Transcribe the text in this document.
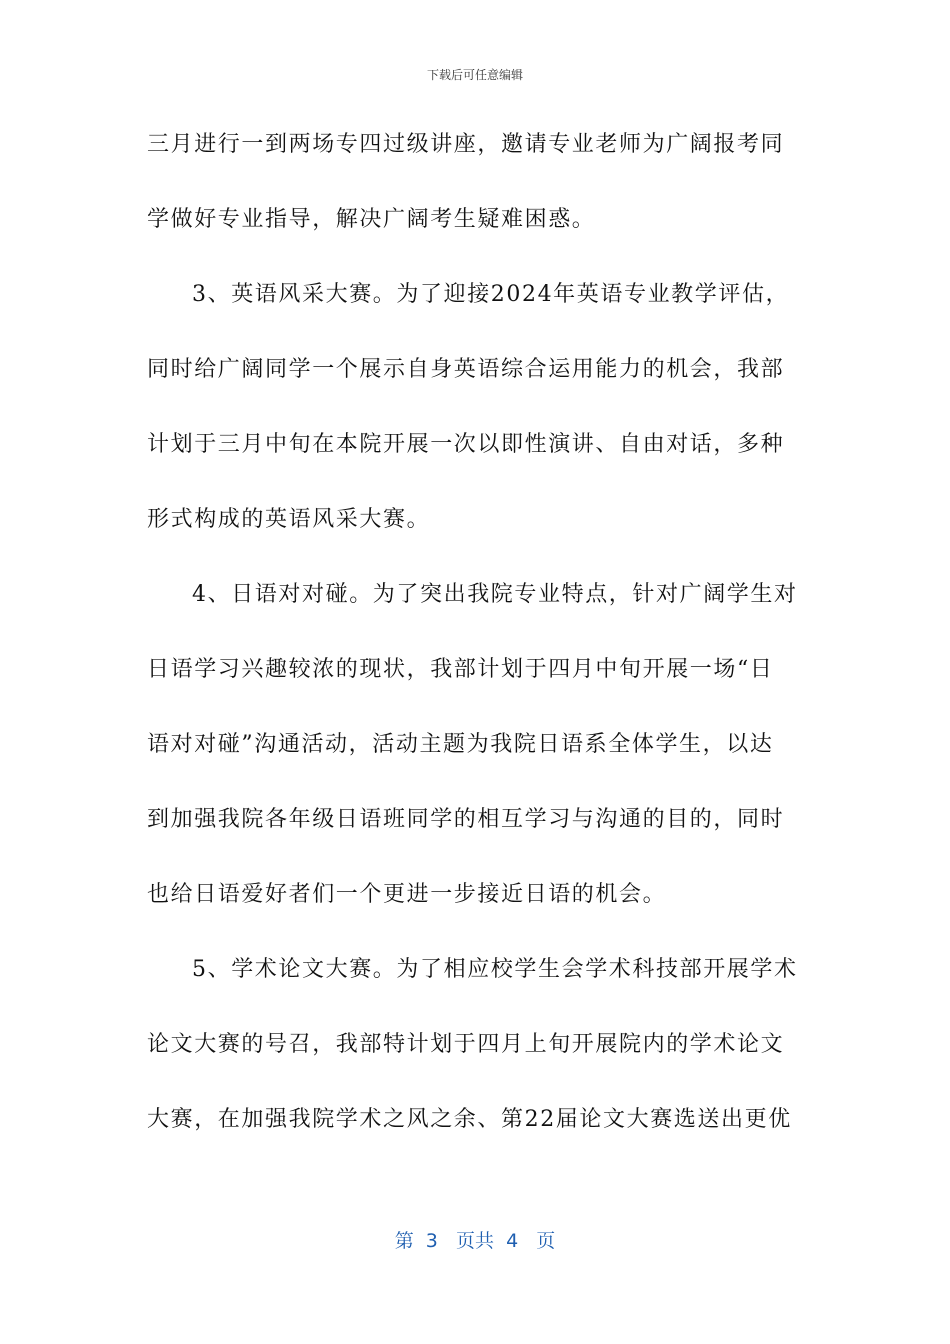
下载后可任意编辑
三月进行一到两场专四过级讲座，邀请专业老师为广阔报考同
学做好专业指导，解决广阔考生疑难困惑。
3、英语风采大赛。为了迎接2024年英语专业教学评估，
同时给广阔同学一个展示自身英语综合运用能力的机会，我部
计划于三月中旬在本院开展一次以即性演讲、自由对话，多种
形式构成的英语风采大赛。
4、日语对对碰。为了突出我院专业特点，针对广阔学生对
日语学习兴趣较浓的现状，我部计划于四月中旬开展一场“日
语对对碰”沟通活动，活动主题为我院日语系全体学生，以达
到加强我院各年级日语班同学的相互学习与沟通的目的，同时
也给日语爱好者们一个更进一步接近日语的机会。
5、学术论文大赛。为了相应校学生会学术科技部开展学术
论文大赛的号召，我部特计划于四月上旬开展院内的学术论文
大赛，在加强我院学术之风之余、第22届论文大赛选送出更优
第  3   页共  4   页
